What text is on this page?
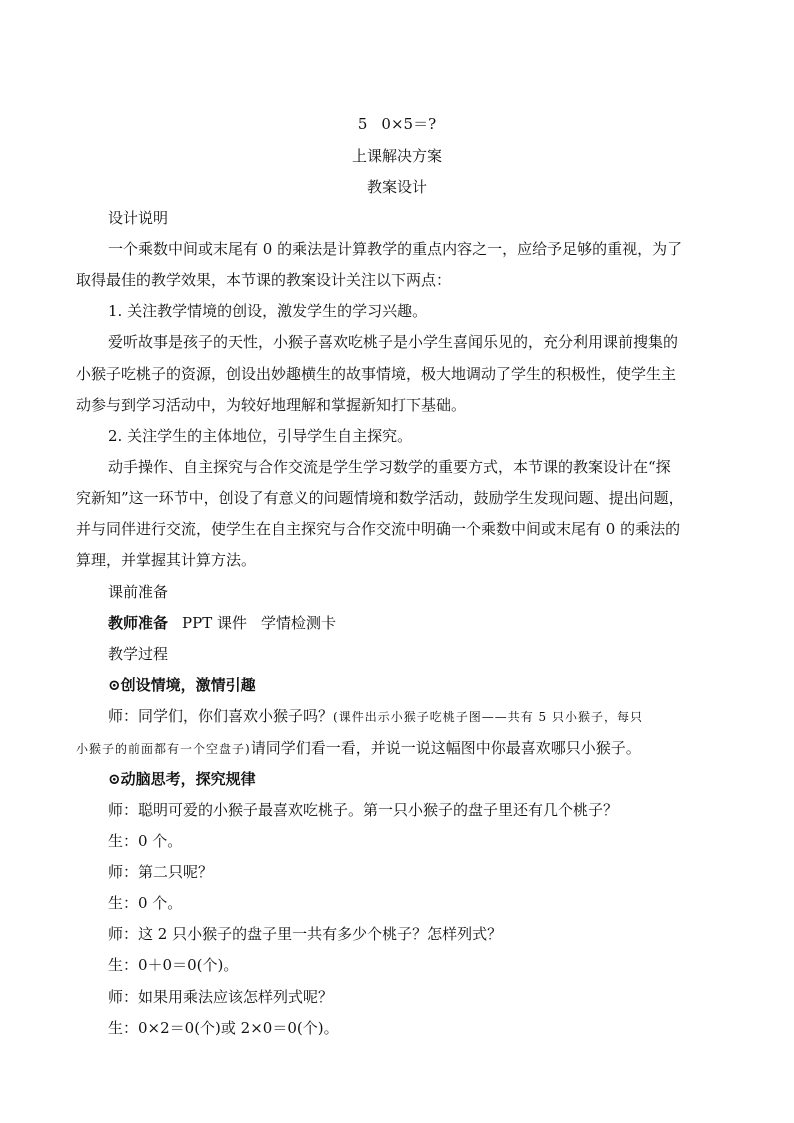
5 0×5＝?
上课解决方案
教案设计
设计说明
一个乘数中间或末尾有 0 的乘法是计算教学的重点内容之一，应给予足够的重视，为了
取得最佳的教学效果，本节课的教案设计关注以下两点：
1. 关注教学情境的创设，激发学生的学习兴趣。
爱听故事是孩子的天性，小猴子喜欢吃桃子是小学生喜闻乐见的，充分利用课前搜集的
小猴子吃桃子的资源，创设出妙趣横生的故事情境，极大地调动了学生的积极性，使学生主
动参与到学习活动中，为较好地理解和掌握新知打下基础。
2. 关注学生的主体地位，引导学生自主探究。
动手操作、自主探究与合作交流是学生学习数学的重要方式，本节课的教案设计在“探
究新知”这一环节中，创设了有意义的问题情境和数学活动，鼓励学生发现问题、提出问题，
并与同伴进行交流，使学生在自主探究与合作交流中明确一个乘数中间或末尾有 0 的乘法的
算理，并掌握其计算方法。
课前准备
教师准备 PPT 课件 学情检测卡
教学过程
⊙创设情境，激情引趣
师：同学们，你们喜欢小猴子吗？(课件出示小猴子吃桃子图——共有 5 只小猴子，每只
小猴子的前面都有一个空盘子)请同学们看一看，并说一说这幅图中你最喜欢哪只小猴子。
⊙动脑思考，探究规律
师：聪明可爱的小猴子最喜欢吃桃子。第一只小猴子的盘子里还有几个桃子？
生：0 个。
师：第二只呢？
生：0 个。
师：这 2 只小猴子的盘子里一共有多少个桃子？怎样列式？
生：0＋0＝0(个)。
师：如果用乘法应该怎样列式呢？
生：0×2＝0(个)或 2×0＝0(个)。
